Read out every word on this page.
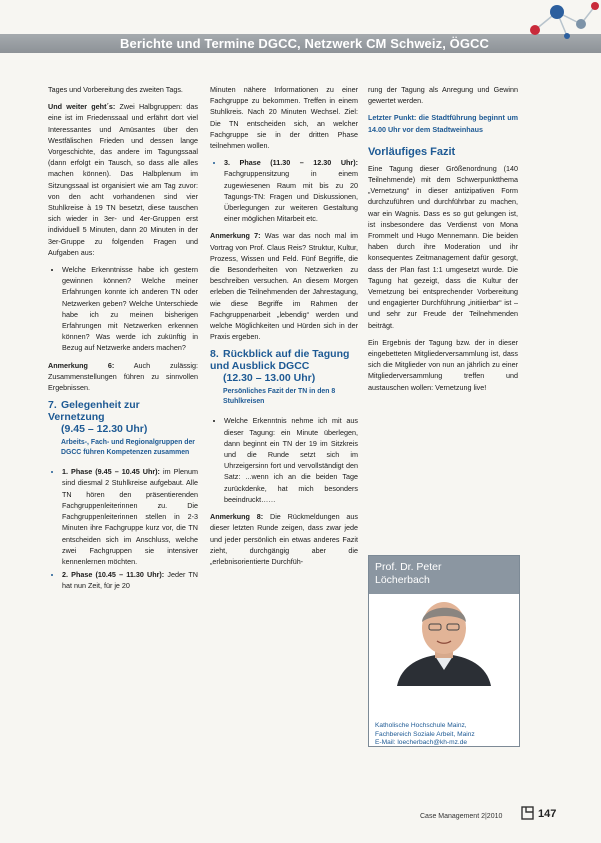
Berichte und Termine DGCC, Netzwerk CM Schweiz, ÖGCC

Tages und Vorbereitung des zweiten Tags.

Und weiter geht´s: Zwei Halbgruppen: das eine ist im Friedenssaal und erfährt dort viel Interessantes und Amüsantes über den Westfälischen Frieden und dessen lange Vorgeschichte, das andere im Tagungssaal (dann erfolgt ein Tausch, so dass alle alles machen können). Das Halbplenum im Sitzungssaal ist organisiert wie am Tag zuvor: von den acht vorhandenen sind vier Stuhlkreise à 19 TN besetzt, diese tauschen sich wieder in 3er- und 4er-Gruppen erst individuell 5 Minuten, dann 20 Minuten in der 3er-Gruppe zu folgenden Fragen und Aufgaben aus:

• Welche Erkenntnisse habe ich gestern gewinnen können? Welche meiner Erfahrungen konnte ich anderen TN oder Netzwerken geben? Welche Unterschiede habe ich zu meinen bisherigen Erfahrungen mit Netzwerken erkennen können? Was werde ich zukünftig in Bezug auf Netzwerke anders machen?

Anmerkung 6: Auch zulässig: Zusammenstellungen führen zu sinnvollen Ergebnissen.

7. Gelegenheit zur Vernetzung
(9.45 – 12.30 Uhr)
Arbeits-, Fach- und Regionalgruppen der DGCC führen Kompetenzen zusammen
• 1. Phase (9.45 – 10.45 Uhr): im Plenum sind diesmal 2 Stuhlkreise aufgebaut. Alle TN hören den präsentierenden Fachgruppenleiterinnen zu. Die Fachgruppenleiterinnen stellen in 2-3 Minuten ihre Fachgruppe kurz vor, die TN entscheiden sich im Anschluss, welche zwei Fachgruppen sie intensiver kennenlernen möchten.
• 2. Phase (10.45 – 11.30 Uhr): Jeder TN hat nun Zeit, für je 20

Minuten nähere Informationen zu einer Fachgruppe zu bekommen. Treffen in einem Stuhlkreis. Nach 20 Minuten Wechsel. Ziel: Die TN entscheiden sich, an welcher Fachgruppe sie in der dritten Phase teilnehmen wollen.

• 3. Phase (11.30 – 12.30 Uhr): Fachgruppensitzung in einem zugewiesenen Raum mit bis zu 20 Tagungs-TN: Fragen und Diskussionen, Überlegungen zur weiteren Gestaltung einer möglichen Mitarbeit etc.

Anmerkung 7: Was war das noch mal im Vortrag von Prof. Claus Reis? Struktur, Kultur, Prozess, Wissen und Feld. Fünf Begriffe, die die Besonderheiten von Netzwerken zu beschreiben versuchen. An diesem Morgen erleben die Teilnehmenden der Jahrestagung, wie diese Begriffe im Rahmen der Fachgruppenarbeit „lebendig“ werden und welche Möglichkeiten und Hürden sich in der Praxis ergeben.

8. Rückblick auf die Tagung und Ausblick DGCC
(12.30 – 13.00 Uhr)
Persönliches Fazit der TN in den 8 Stuhlkreisen
• Welche Erkenntnis nehme ich mit aus dieser Tagung: ein Minute überlegen, dann beginnt ein TN der 19 im Sitzkreis und die Runde setzt sich im Uhrzeigersinn fort und vervollständigt den Satz: ...wenn ich an die beiden Tage zurückdenke, hat mich besonders beeindruckt……

Anmerkung 8: Die Rückmeldungen aus dieser letzten Runde zeigen, dass zwar jede und jeder persönlich ein etwas anderes Fazit zieht, durchgängig aber die „erlebnisorientierte Durchfüh-

rung der Tagung als Anregung und Gewinn gewertet werden.

Letzter Punkt: die Stadtführung beginnt um 14.00 Uhr vor dem Stadtweinhaus

Vorläufiges Fazit

Eine Tagung dieser Größenordnung (140 Teilnehmende) mit dem Schwerpunktthema „Vernetzung“ in dieser antizipativen Form durchzuführen und durchführbar zu machen, war ein Wagnis. Dass es so gut gelungen ist, ist insbesondere das Verdienst von Mona Frommelt und Hugo Mennemann. Die beiden haben durch ihre Moderation und ihr konsequentes Zeitmanagement dafür gesorgt, dass der Plan fast 1:1 umgesetzt wurde. Die Tagung hat gezeigt, dass die Kultur der Vernetzung bei entsprechender Vorbereitung und engagierter Durchführung „initiierbar“ ist – und sehr zur Freude der Teilnehmenden beiträgt.

Ein Ergebnis der Tagung bzw. der in dieser eingebetteten Mitgliederversammlung ist, dass sich die Mitglieder von nun an jährlich zu einer Mitgliederversammlung treffen und austauschen wollen: Vernetzung live!

Prof. Dr. Peter
Löcherbach
Katholische Hochschule Mainz,
Fachbereich Soziale Arbeit, Mainz
E-Mail: loecherbach@kh-mz.de
Case Management 2|2010	147
